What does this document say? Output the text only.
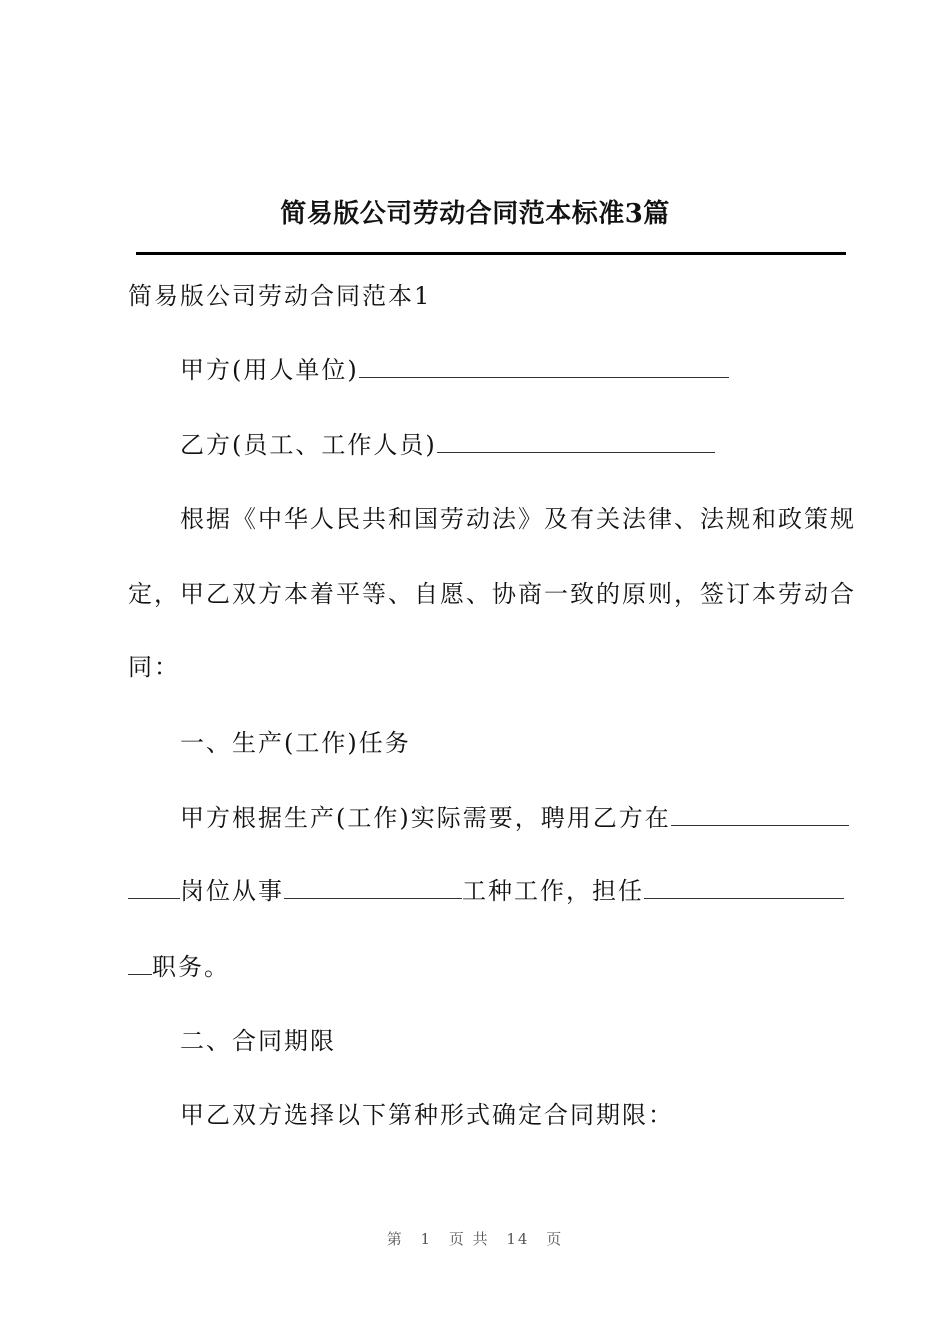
简易版公司劳动合同范本标准3篇
简易版公司劳动合同范本1
甲方(用人单位)
乙方(员工、工作人员)
根据《中华人民共和国劳动法》及有关法律、法规和政策规
定，甲乙双方本着平等、自愿、协商一致的原则，签订本劳动合
同：
一、生产(工作)任务
甲方根据生产(工作)实际需要，聘用乙方在
岗位从事	工种工作，担任
职务。
二、合同期限
甲乙双方选择以下第种形式确定合同期限：
第 1 页 共 14 页
